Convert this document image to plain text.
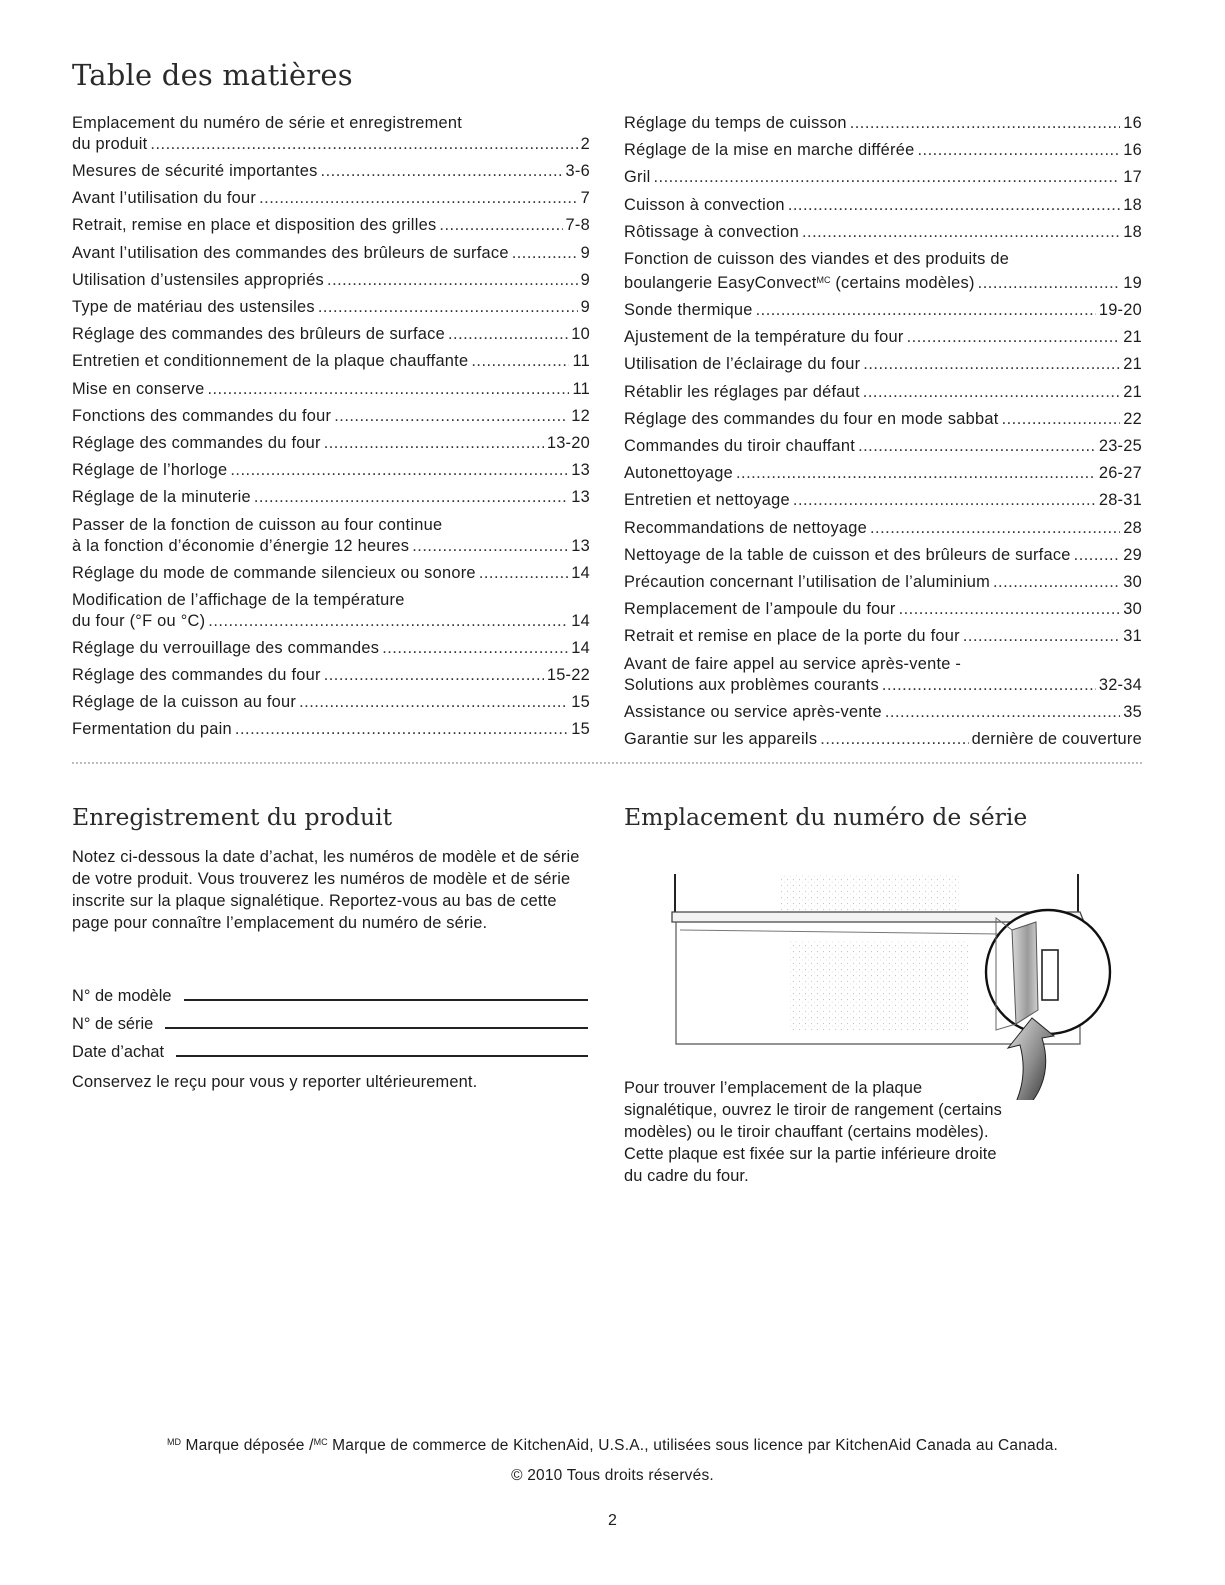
Table des matières
Emplacement du numéro de série et enregistrement
du produit .....	2
Mesures de sécurité importantes .....	3-6
Avant l’utilisation du four .....	7
Retrait, remise en place et disposition des grilles .....	7-8
Avant l’utilisation des commandes des brûleurs de surface .....	9
Utilisation d’ustensiles appropriés .....	9
Type de matériau des ustensiles .....	9
Réglage des commandes des brûleurs de surface .....	10
Entretien et conditionnement de la plaque chauffante .....	11
Mise en conserve .....	11
Fonctions des commandes du four .....	12
Réglage des commandes du four .....	13-20
Réglage de l’horloge .....	13
Réglage de la minuterie .....	13
Passer de la fonction de cuisson au four continue
à la fonction d’économie d’énergie 12 heures .....	13
Réglage du mode de commande silencieux ou sonore .....	14
Modification de l’affichage de la température
du four (°F ou °C) .....	14
Réglage du verrouillage des commandes .....	14
Réglage des commandes du four .....	15-22
Réglage de la cuisson au four .....	15
Fermentation du pain .....	15
Réglage du temps de cuisson .....	16
Réglage de la mise en marche différée .....	16
Gril .....	17
Cuisson à convection .....	18
Rôtissage à convection .....	18
Fonction de cuisson des viandes et des produits de
boulangerie EasyConvect$^{MC}$ (certains modèles) .....	19
Sonde thermique .....	19-20
Ajustement de la température du four .....	21
Utilisation de l’éclairage du four .....	21
Rétablir les réglages par défaut .....	21
Réglage des commandes du four en mode sabbat .....	22
Commandes du tiroir chauffant .....	23-25
Autonettoyage .....	26-27
Entretien et nettoyage .....	28-31
Recommandations de nettoyage .....	28
Nettoyage de la table de cuisson et des brûleurs de surface .....	29
Précaution concernant l’utilisation de l’aluminium .....	30
Remplacement de l’ampoule du four .....	30
Retrait et remise en place de la porte du four .....	31
Avant de faire appel au service après-vente -
Solutions aux problèmes courants .....	32-34
Assistance ou service après-vente .....	35
Garantie sur les appareils .....	dernière de couverture
Enregistrement du produit
Notez ci-dessous la date d’achat, les numéros de modèle et de série de votre produit. Vous trouverez les numéros de modèle et de série inscrite sur la plaque signalétique. Reportez-vous au bas de cette page pour connaître l’emplacement du numéro de série.
N° de modèle
N° de série
Date d’achat
Conservez le reçu pour vous y reporter ultérieurement.
Emplacement du numéro de série
Pour trouver l’emplacement de la plaque signalétique, ouvrez le tiroir de rangement (certains modèles) ou le tiroir chauffant (certains modèles). Cette plaque est fixée sur la partie inférieure droite du cadre du four.
$^{MD}$ Marque déposée /$^{MC}$ Marque de commerce de KitchenAid, U.S.A., utilisées sous licence par KitchenAid Canada au Canada.
© 2010 Tous droits réservés.
2
